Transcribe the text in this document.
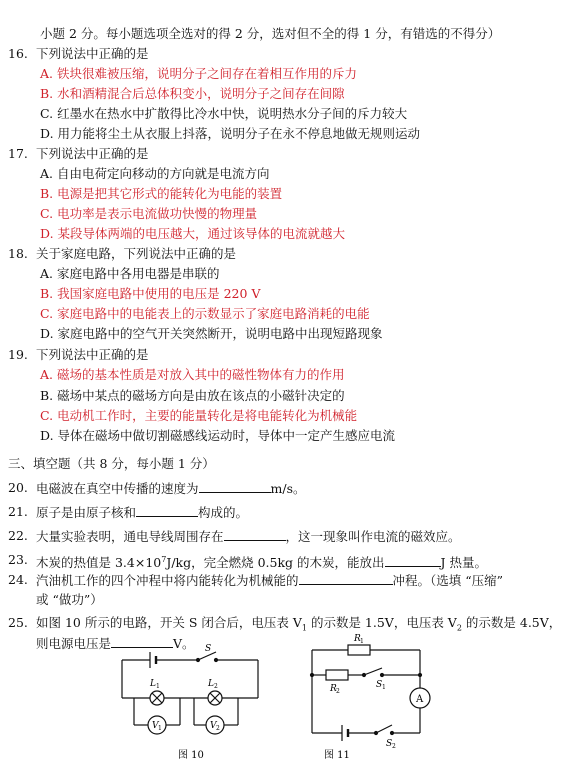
小题 2 分。每小题选项全选对的得 2 分，选对但不全的得 1 分，有错选的不得分）
16. 下列说法中正确的是
A. 铁块很难被压缩，说明分子之间存在着相互作用的斥力
B. 水和酒精混合后总体积变小，说明分子之间存在间隙
C. 红墨水在热水中扩散得比冷水中快，说明热水分子间的斥力较大
D. 用力能将尘土从衣服上抖落，说明分子在永不停息地做无规则运动
17. 下列说法中正确的是
A. 自由电荷定向移动的方向就是电流方向
B. 电源是把其它形式的能转化为电能的装置
C. 电功率是表示电流做功快慢的物理量
D. 某段导体两端的电压越大，通过该导体的电流就越大
18. 关于家庭电路，下列说法中正确的是
A. 家庭电路中各用电器是串联的
B. 我国家庭电路中使用的电压是 220 V
C. 家庭电路中的电能表上的示数显示了家庭电路消耗的电能
D. 家庭电路中的空气开关突然断开，说明电路中出现短路现象
19. 下列说法中正确的是
A. 磁场的基本性质是对放入其中的磁性物体有力的作用
B. 磁场中某点的磁场方向是由放在该点的小磁针决定的
C. 电动机工作时，主要的能量转化是将电能转化为机械能
D. 导体在磁场中做切割磁感线运动时，导体中一定产生感应电流
三、填空题（共 8 分，每小题 1 分）
20. 电磁波在真空中传播的速度为	m/s。
21. 原子是由原子核和	构成的。
22. 大量实验表明，通电导线周围存在	，这一现象叫作电流的磁效应。
23. 木炭的热值是 $3.4\times 10^7J/kg$，完全燃烧 0.5kg 的木炭，能放出	J 热量。
24. 汽油机工作的四个冲程中将内能转化为机械能的	冲程。（选填 “压缩”
或 “做功”）
25. 如图 10 所示的电路，开关 S 闭合后，电压表 $V_1$ 的示数是 1.5V，电压表 $V_2$ 的示数是 4.5V，
则电源电压是	V。 S
L 1	L 2
V 1	V 2
图 10
R 1
R 2
S 1
S 2
A
图 11
